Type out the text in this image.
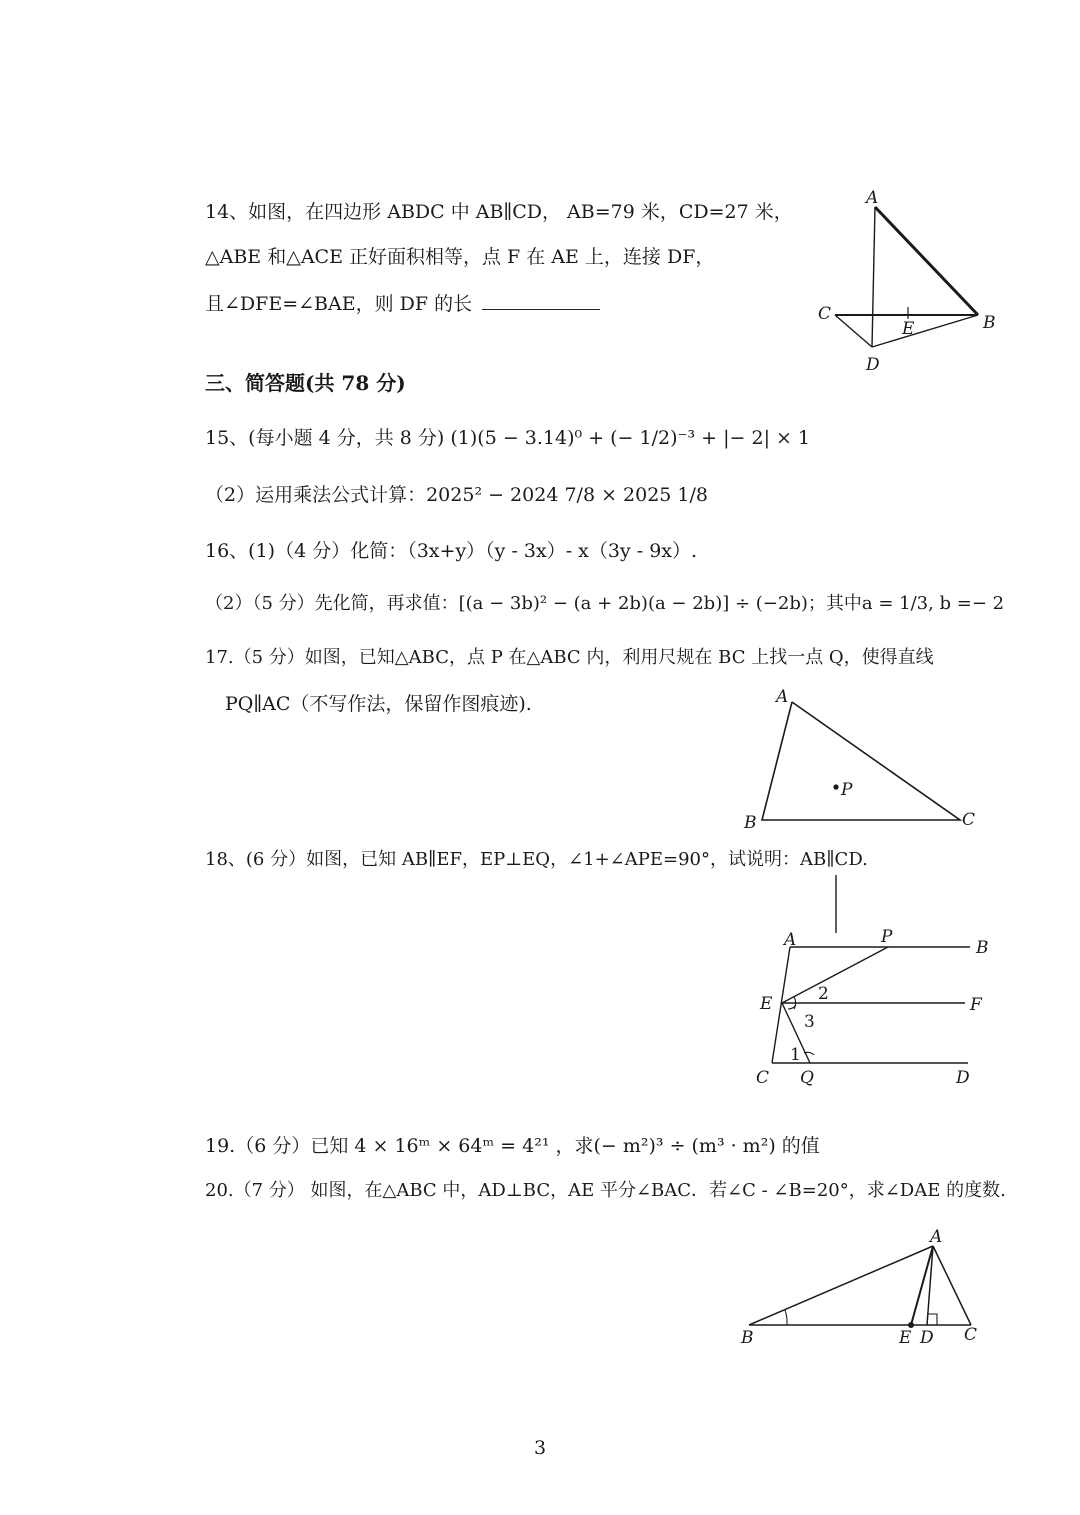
14、如图，在四边形 ABDC 中 AB∥CD， AB=79 米，CD=27 米，
△ABE 和△ACE 正好面积相等，点 F 在 AE 上，连接 DF，
且∠DFE=∠BAE，则 DF 的长
A
B
C
D
E
三、简答题(共 78 分)
15、(每小题 4 分，共 8 分) (1)(5 − 3.14)⁰ + (− 1/2)⁻³ + |− 2| × 1
（2）运用乘法公式计算：2025² − 2024 7/8 × 2025 1/8
16、(1)（4 分）化简：（3x+y）（y - 3x）- x（3y - 9x）.
（2）（5 分）先化简，再求值：[(a − 3b)² − (a + 2b)(a − 2b)] ÷ (−2b)；其中a = 1/3, b =− 2
17.（5 分）如图，已知△ABC，点 P 在△ABC 内，利用尺规在 BC 上找一点 Q，使得直线
PQ∥AC（不写作法，保留作图痕迹).	A
B	C
P
18、(6 分）如图，已知 AB∥EF，EP⊥EQ，∠1+∠APE=90°，试说明：AB∥CD.
A	P
B
E	F
C Q	D
2
3
1
19.（6 分）已知 4 × 16ᵐ × 64ᵐ = 4²¹ ，求(− m²)³ ÷ (m³ · m²) 的值
20.（7 分） 如图，在△ABC 中，AD⊥BC，AE 平分∠BAC．若∠C - ∠B=20°，求∠DAE 的度数.
A
B	E D C
3
